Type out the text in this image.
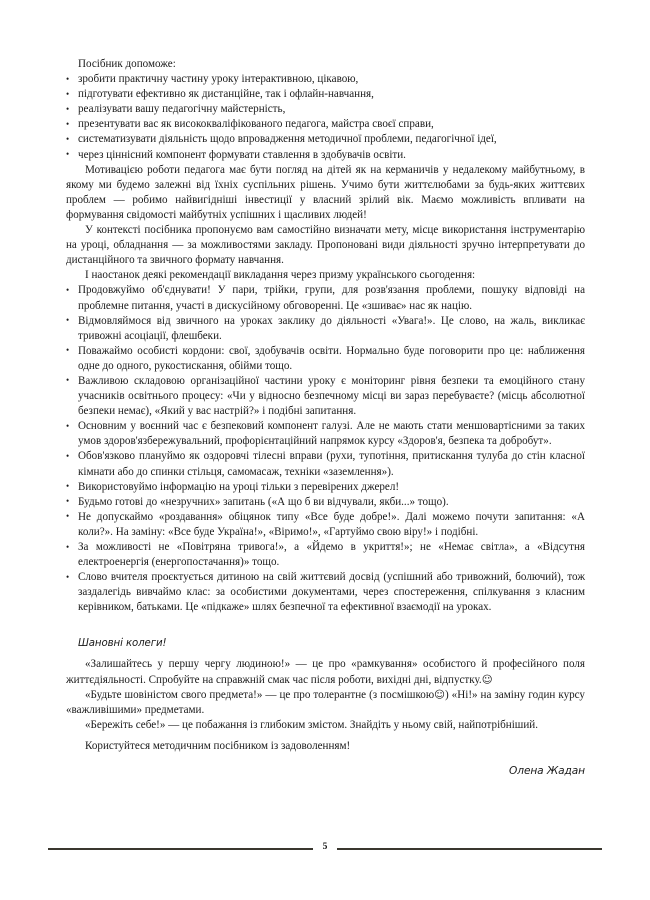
Посібник допоможе:
• зробити практичну частину уроку інтерактивною, цікавою,
• підготувати ефективно як дистанційне, так і офлайн-навчання,
• реалізувати вашу педагогічну майстерність,
• презентувати вас як висококваліфікованого педагога, майстра своєї справи,
• систематизувати діяльність щодо впровадження методичної проблеми, педагогічної ідеї,
• через ціннісний компонент формувати ставлення в здобувачів освіти.

Мотивацією роботи педагога має бути погляд на дітей як на керманичів у недалекому майбутньому, в якому ми будемо залежні від їхніх суспільних рішень. Учимо бути життєлюбами за будь-яких життєвих проблем — робимо найвигідніші інвестиції у власний зрілий вік. Маємо можливість впливати на формування свідомості майбутніх успішних і щасливих людей!

У контексті посібника пропонуємо вам самостійно визначати мету, місце використання інструментарію на уроці, обладнання — за можливостями закладу. Пропоновані види діяльності зручно інтерпретувати до дистанційного та звичного формату навчання.

І наостанок деякі рекомендації викладання через призму українського сьогодення:

• Продовжуймо об'єднувати! У пари, трійки, групи, для розв'язання проблеми, пошуку відповіді на проблемне питання, участі в дискусійному обговоренні. Це «зшиває» нас як націю.
• Відмовляймося від звичного на уроках заклику до діяльності «Увага!». Це слово, на жаль, викликає тривожні асоціації, флешбеки.
• Поважаймо особисті кордони: свої, здобувачів освіти. Нормально буде поговорити про це: наближення одне до одного, рукостискання, обійми тощо.
• Важливою складовою організаційної частини уроку є моніторинг рівня безпеки та емоційного стану учасників освітнього процесу: «Чи у відносно безпечному місці ви зараз перебуваєте? (місць абсолютної безпеки немає), «Який у вас настрій?» і подібні запитання.
• Основним у воєнний час є безпековий компонент галузі. Але не мають стати меншовартісними за таких умов здоров'язбережувальний, профорієнтаційний напрямок курсу «Здоров'я, безпека та добробут».
• Обов'язково плануймо як оздоровчі тілесні вправи (рухи, тупотіння, притискання тулуба до стін класної кімнати або до спинки стільця, самомасаж, техніки «заземлення»).
• Використовуймо інформацію на уроці тільки з перевірених джерел!
• Будьмо готові до «незручних» запитань («А що б ви відчували, якби...» тощо).
• Не допускаймо «роздавання» обіцянок типу «Все буде добре!». Далі можемо почути запитання: «А коли?». На заміну: «Все буде Україна!», «Віримо!», «Гартуймо свою віру!» і подібні.
• За можливості не «Повітряна тривога!», а «Йдемо в укриття!»; не «Немає світла», а «Відсутня електроенергія (енергопостачання)» тощо.
• Слово вчителя проєктується дитиною на свій життєвий досвід (успішний або тривожний, болючий), тож заздалегідь вивчаймо клас: за особистими документами, через спостереження, спілкування з класним керівником, батьками. Це «підкаже» шлях безпечної та ефективної взаємодії на уроках.
Шановні колеги!

«Залишайтесь у першу чергу людиною!» — це про «рамкування» особистого й професійного поля життєдіяльності. Спробуйте на справжній смак час після роботи, вихідні дні, відпустку.☺

«Будьте шовіністом свого предмета!» — це про толерантне (з посмішкою☺) «Ні!» на заміну годин курсу «важливішими» предметами.

«Бережіть себе!» — це побажання із глибоким змістом. Знайдіть у ньому свій, найпотрібніший.

Користуйтеся методичним посібником із задоволенням!

Олена Жадан
5
